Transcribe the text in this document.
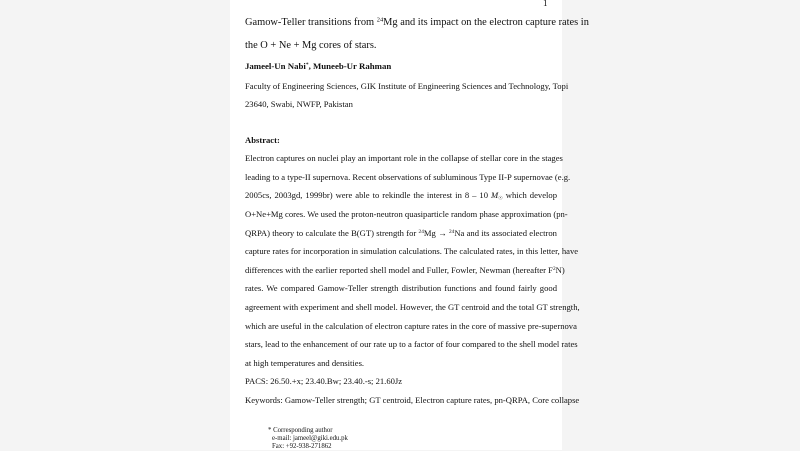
1
Gamow-Teller transitions from $^{24}$Mg and its impact on the electron capture rates in
the O + Ne + Mg cores of stars.
Jameel-Un Nabi*, Muneeb-Ur Rahman
Faculty of Engineering Sciences, GIK Institute of Engineering Sciences and Technology, Topi
23640, Swabi, NWFP, Pakistan
Abstract:
Electron captures on nuclei play an important role in the collapse of stellar core in the stages
leading to a type-II supernova. Recent observations of subluminous Type II-P supernovae (e.g.
2005cs, 2003gd, 1999br) were able to rekindle the interest in 8 – 10 $M_☉$ which develop
O+Ne+Mg cores. We used the proton-neutron quasiparticle random phase approximation (pn-
QRPA) theory to calculate the B(GT) strength for $^{24}$Mg → $^{24}$Na and its associated electron
capture rates for incorporation in simulation calculations. The calculated rates, in this letter, have
differences with the earlier reported shell model and Fuller, Fowler, Newman (hereafter $F^2N$)
rates. We compared Gamow-Teller strength distribution functions and found fairly good
agreement with experiment and shell model. However, the GT centroid and the total GT strength,
which are useful in the calculation of electron capture rates in the core of massive pre-supernova
stars, lead to the enhancement of our rate up to a factor of four compared to the shell model rates
at high temperatures and densities.
PACS: 26.50.+x; 23.40.Bw; 23.40.-s; 21.60Jz
Keywords: Gamow-Teller strength; GT centroid, Electron capture rates, pn-QRPA, Core collapse
* Corresponding author
e-mail: jameel@giki.edu.pk
Fax: +92-938-271862
